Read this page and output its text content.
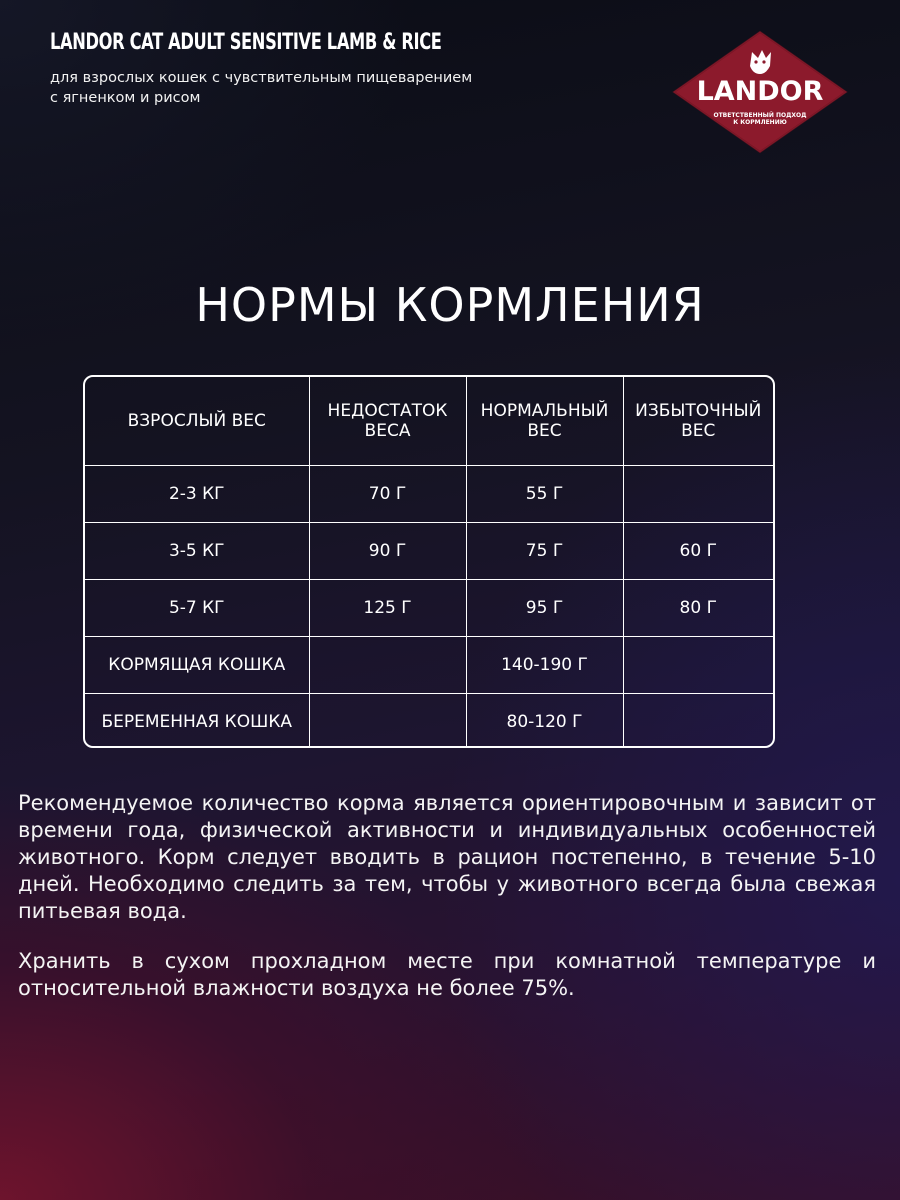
LANDOR CAT ADULT SENSITIVE LAMB & RICE
для взрослых кошек с чувствительным пищеварением
с ягненком и рисом	LANDOR
ОТВЕТСТВЕННЫЙ ПОДХОД
К КОРМЛЕНИЮ
НОРМЫ КОРМЛЕНИЯ
ВЗРОСЛЫЙ ВЕС	НЕДОСТАТОК ВЕСА	НОРМАЛЬНЫЙ ВЕС	ИЗБЫТОЧНЫЙ ВЕС
2-3 КГ	70 Г	55 Г	
3-5 КГ	90 Г	75 Г	60 Г
5-7 КГ	125 Г	95 Г	80 Г
КОРМЯЩАЯ КОШКА		140-190 Г	
БЕРЕМЕННАЯ КОШКА		80-120 Г	
Рекомендуемое количество корма является ориентировочным и зависит от времени года, физической активности и индивидуальных особенностей животного. Корм следует вводить в рацион постепенно, в течение 5-10 дней. Необходимо следить за тем, чтобы у животного всегда была свежая питьевая вода.
Хранить в сухом прохладном месте при комнатной температуре и относительной влажности воздуха не более 75%.
